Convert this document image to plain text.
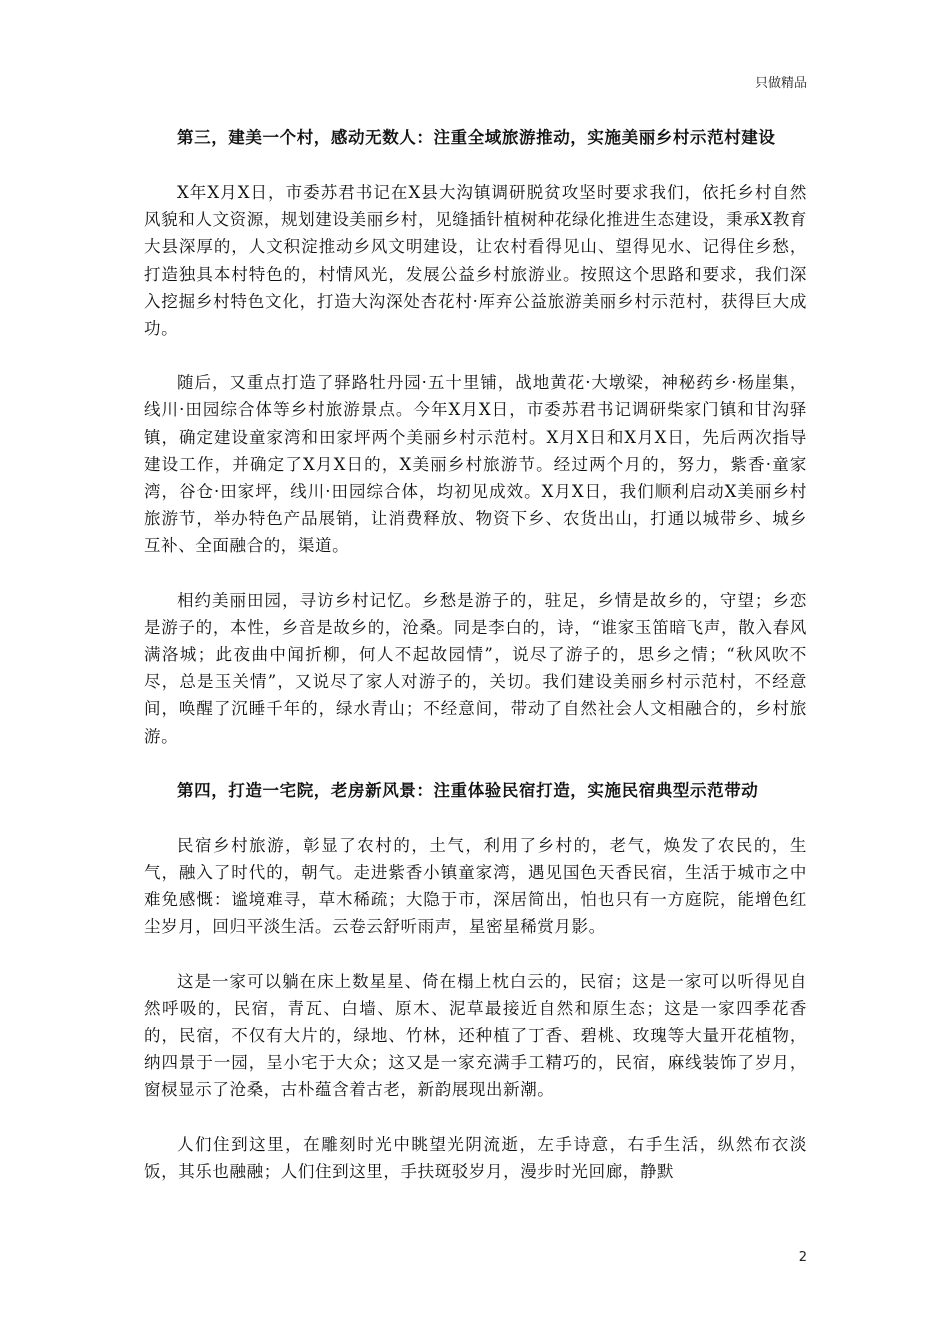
只做精品

第三，建美一个村，感动无数人：注重全域旅游推动，实施美丽乡村示范村建设

X年X月X日，市委苏君书记在X县大沟镇调研脱贫攻坚时要求我们，依托乡村自然风貌和人文资源，规划建设美丽乡村，见缝插针植树种花绿化推进生态建设，秉承X教育大县深厚的，人文积淀推动乡风文明建设，让农村看得见山、望得见水、记得住乡愁，打造独具本村特色的，村情风光，发展公益乡村旅游业。按照这个思路和要求，我们深入挖掘乡村特色文化，打造大沟深处杏花村·厍弃公益旅游美丽乡村示范村，获得巨大成功。

随后，又重点打造了驿路牡丹园·五十里铺，战地黄花·大墩梁，神秘药乡·杨崖集，线川·田园综合体等乡村旅游景点。今年X月X日，市委苏君书记调研柴家门镇和甘沟驿镇，确定建设童家湾和田家坪两个美丽乡村示范村。X月X日和X月X日，先后两次指导建设工作，并确定了X月X日的，X美丽乡村旅游节。经过两个月的，努力，紫香·童家湾，谷仓·田家坪，线川·田园综合体，均初见成效。X月X日，我们顺利启动X美丽乡村旅游节，举办特色产品展销，让消费释放、物资下乡、农货出山，打通以城带乡、城乡互补、全面融合的，渠道。

相约美丽田园，寻访乡村记忆。乡愁是游子的，驻足，乡情是故乡的，守望；乡恋是游子的，本性，乡音是故乡的，沧桑。同是李白的，诗，“谁家玉笛暗飞声，散入春风满洛城；此夜曲中闻折柳，何人不起故园情”，说尽了游子的，思乡之情；“秋风吹不尽，总是玉关情”，又说尽了家人对游子的，关切。我们建设美丽乡村示范村，不经意间，唤醒了沉睡千年的，绿水青山；不经意间，带动了自然社会人文相融合的，乡村旅游。

第四，打造一宅院，老房新风景：注重体验民宿打造，实施民宿典型示范带动

民宿乡村旅游，彰显了农村的，土气，利用了乡村的，老气，焕发了农民的，生气，融入了时代的，朝气。走进紫香小镇童家湾，遇见国色天香民宿，生活于城市之中难免感慨：谧境难寻，草木稀疏；大隐于市，深居简出，怕也只有一方庭院，能增色红尘岁月，回归平淡生活。云卷云舒听雨声，星密星稀赏月影。

这是一家可以躺在床上数星星、倚在榻上枕白云的，民宿；这是一家可以听得见自然呼吸的，民宿，青瓦、白墙、原木、泥草最接近自然和原生态；这是一家四季花香的，民宿，不仅有大片的，绿地、竹林，还种植了丁香、碧桃、玫瑰等大量开花植物，纳四景于一园，呈小宅于大众；这又是一家充满手工精巧的，民宿，麻线装饰了岁月，窗棂显示了沧桑，古朴蕴含着古老，新韵展现出新潮。

人们住到这里，在雕刻时光中眺望光阴流逝，左手诗意，右手生活，纵然布衣淡饭，其乐也融融；人们住到这里，手扶斑驳岁月，漫步时光回廊，静默

2
